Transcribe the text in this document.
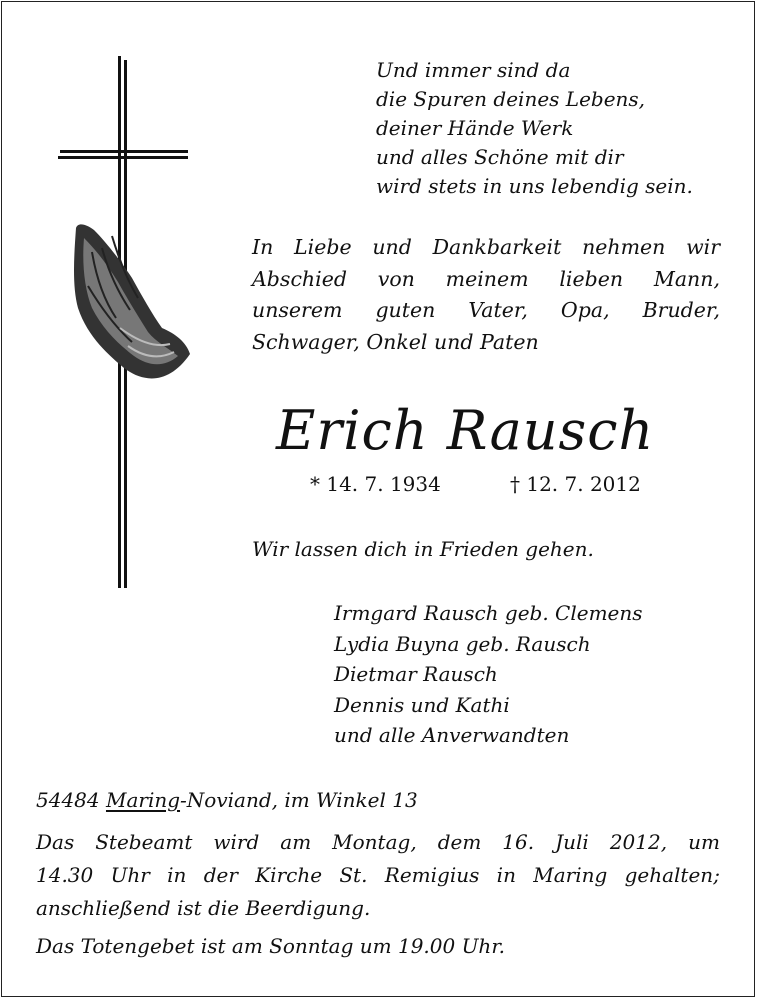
Und immer sind da
die Spuren deines Lebens,
deiner Hände Werk
und alles Schöne mit dir
wird stets in uns lebendig sein.
In Liebe und Dankbarkeit nehmen wir
Abschied von meinem lieben Mann,
unserem guten Vater, Opa, Bruder,
Schwager, Onkel und Paten
Erich Rausch
* 14. 7. 1934	† 12. 7. 2012
Wir lassen dich in Frieden gehen.
Irmgard Rausch geb. Clemens
Lydia Buyna geb. Rausch
Dietmar Rausch
Dennis und Kathi
und alle Anverwandten
54484 Maring-Noviand, im Winkel 13
Das Stebeamt wird am Montag, dem 16. Juli 2012, um
14.30 Uhr in der Kirche St. Remigius in Maring gehalten;
anschließend ist die Beerdigung.
Das Totengebet ist am Sonntag um 19.00 Uhr.
